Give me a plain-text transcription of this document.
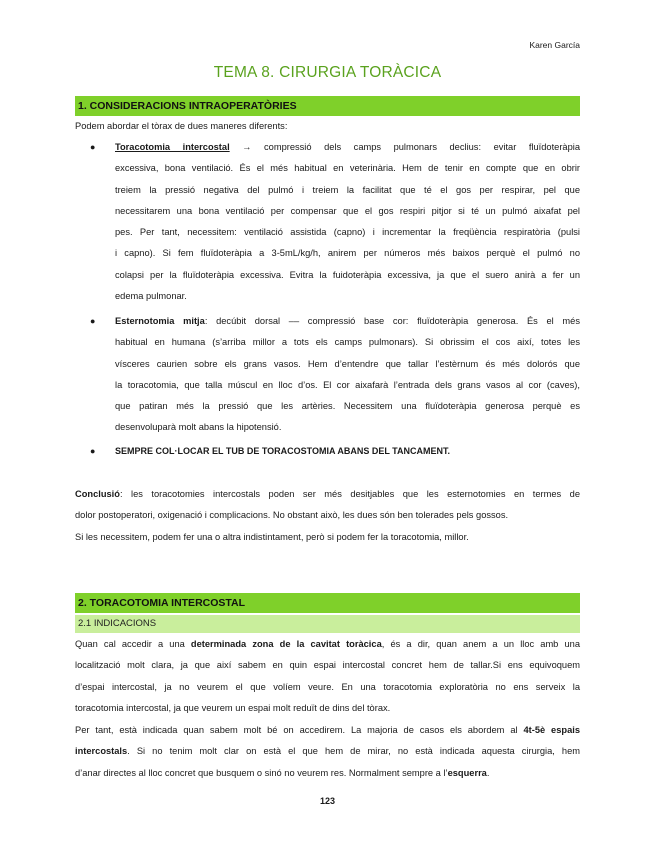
Karen García
TEMA 8. CIRURGIA TORÀCICA
1. CONSIDERACIONS INTRAOPERATÒRIES
Podem abordar el tòrax de dues maneres diferents:
● Toracotomia intercostal → compressió dels camps pulmonars declius: evitar fluïdoteràpia
excessiva, bona ventilació. És el més habitual en veterinària. Hem de tenir en compte que en obrir
treiem la pressió negativa del pulmó i treiem la facilitat que té el gos per respirar, pel que
necessitarem una bona ventilació per compensar que el gos respiri pitjor si té un pulmó aixafat pel
pes. Per tant, necessitem: ventilació assistida (capno) i incrementar la freqüència respiratòria (pulsi
i capno). Si fem fluïdoteràpia a 3-5mL/kg/h, anirem per números més baixos perquè el pulmó no
colapsi per la fluïdoteràpia excessiva. Evitra la fuidoteràpia excessiva, ja que el suero anirà a fer un
edema pulmonar.
● Esternotomia mitja: decúbit dorsal –– compressió base cor: fluïdoteràpia generosa. És el més
habitual en humana (s’arriba millor a tots els camps pulmonars). Si obrissim el cos així, totes les
vísceres caurien sobre els grans vasos. Hem d’entendre que tallar l’estèrnum és més dolorós que
la toracotomia, que talla múscul en lloc d’os. El cor aixafarà l’entrada dels grans vasos al cor (caves),
que patiran més la pressió que les artèries. Necessitem una fluïdoteràpia generosa perquè es
desenvoluparà molt abans la hipotensió.
● SEMPRE COL·LOCAR EL TUB DE TORACOSTOMIA ABANS DEL TANCAMENT.
Conclusió: les toracotomies intercostals poden ser més desitjables que les esternotomies en termes de
dolor postoperatori, oxigenació i complicacions. No obstant això, les dues són ben tolerades pels gossos.
Si les necessitem, podem fer una o altra indistintament, però si podem fer la toracotomia, millor.
2. TORACOTOMIA INTERCOSTAL
2.1 INDICACIONS
Quan cal accedir a una determinada zona de la cavitat toràcica, és a dir, quan anem a un lloc amb una
localització molt clara, ja que així sabem en quin espai intercostal concret hem de tallar.Si ens equivoquem
d’espai intercostal, ja no veurem el que volíem veure. En una toracotomia exploratòria no ens serveix la
toracotomia intercostal, ja que veurem un espai molt reduït de dins del tòrax.
Per tant, està indicada quan sabem molt bé on accedirem. La majoria de casos els abordem al 4t-5è espais
intercostals. Si no tenim molt clar on està el que hem de mirar, no està indicada aquesta cirurgia, hem
d’anar directes al lloc concret que busquem o sinó no veurem res. Normalment sempre a l’esquerra.
123
